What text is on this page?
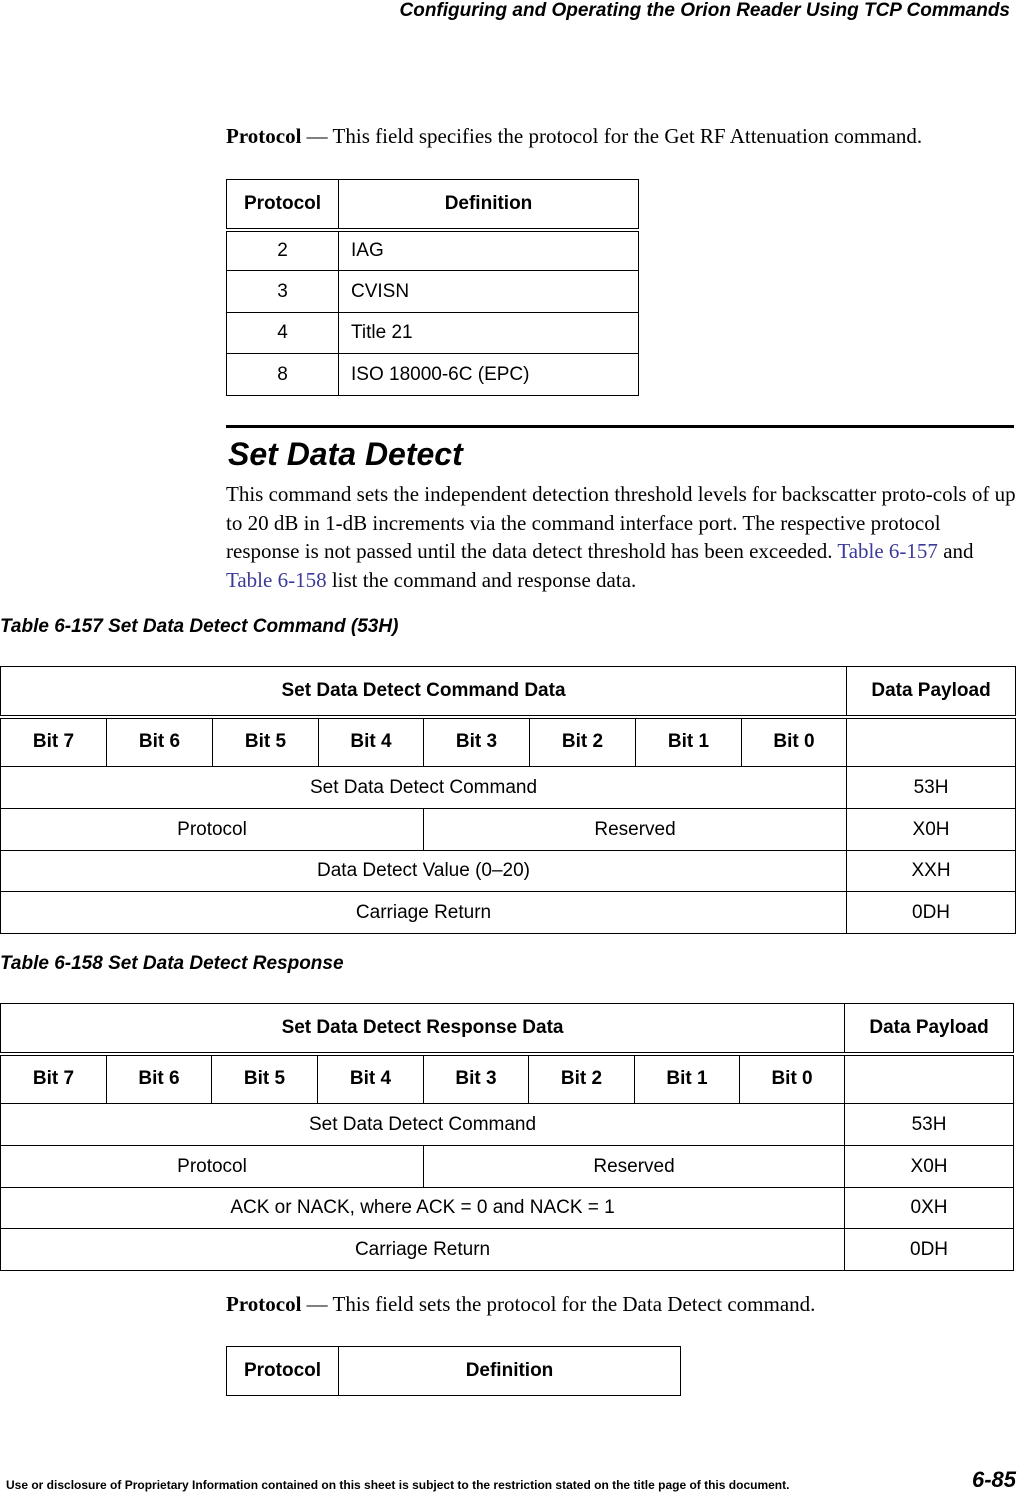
Configuring and Operating the Orion Reader Using TCP Commands
Protocol — This field specifies the protocol for the Get RF Attenuation command.
Protocol	Definition
2	IAG
3	CVISN
4	Title 21
8	ISO 18000-6C (EPC)
Set Data Detect
This command sets the independent detection threshold levels for backscatter proto-cols of up to 20 dB in 1-dB increments via the command interface port. The respective protocol response is not passed until the data detect threshold has been exceeded. Table 6-157 and Table 6-158 list the command and response data.
Table 6-157 Set Data Detect Command (53H)
Set Data Detect Command Data								Data Payload
Bit 7	Bit 6	Bit 5	Bit 4	Bit 3	Bit 2	Bit 1	Bit 0	
Set Data Detect Command								53H
Protocol				Reserved				X0H
Data Detect Value (0–20)								XXH
Carriage Return								0DH
Table 6-158 Set Data Detect Response
Set Data Detect Response Data								Data Payload
Bit 7	Bit 6	Bit 5	Bit 4	Bit 3	Bit 2	Bit 1	Bit 0	
Set Data Detect Command								53H
Protocol				Reserved				X0H
ACK or NACK, where ACK = 0 and NACK = 1								0XH
Carriage Return								0DH
Protocol — This field sets the protocol for the Data Detect command.
Protocol	Definition
Use or disclosure of Proprietary Information contained on this sheet is subject to the restriction stated on the title page of this document.	6-85
